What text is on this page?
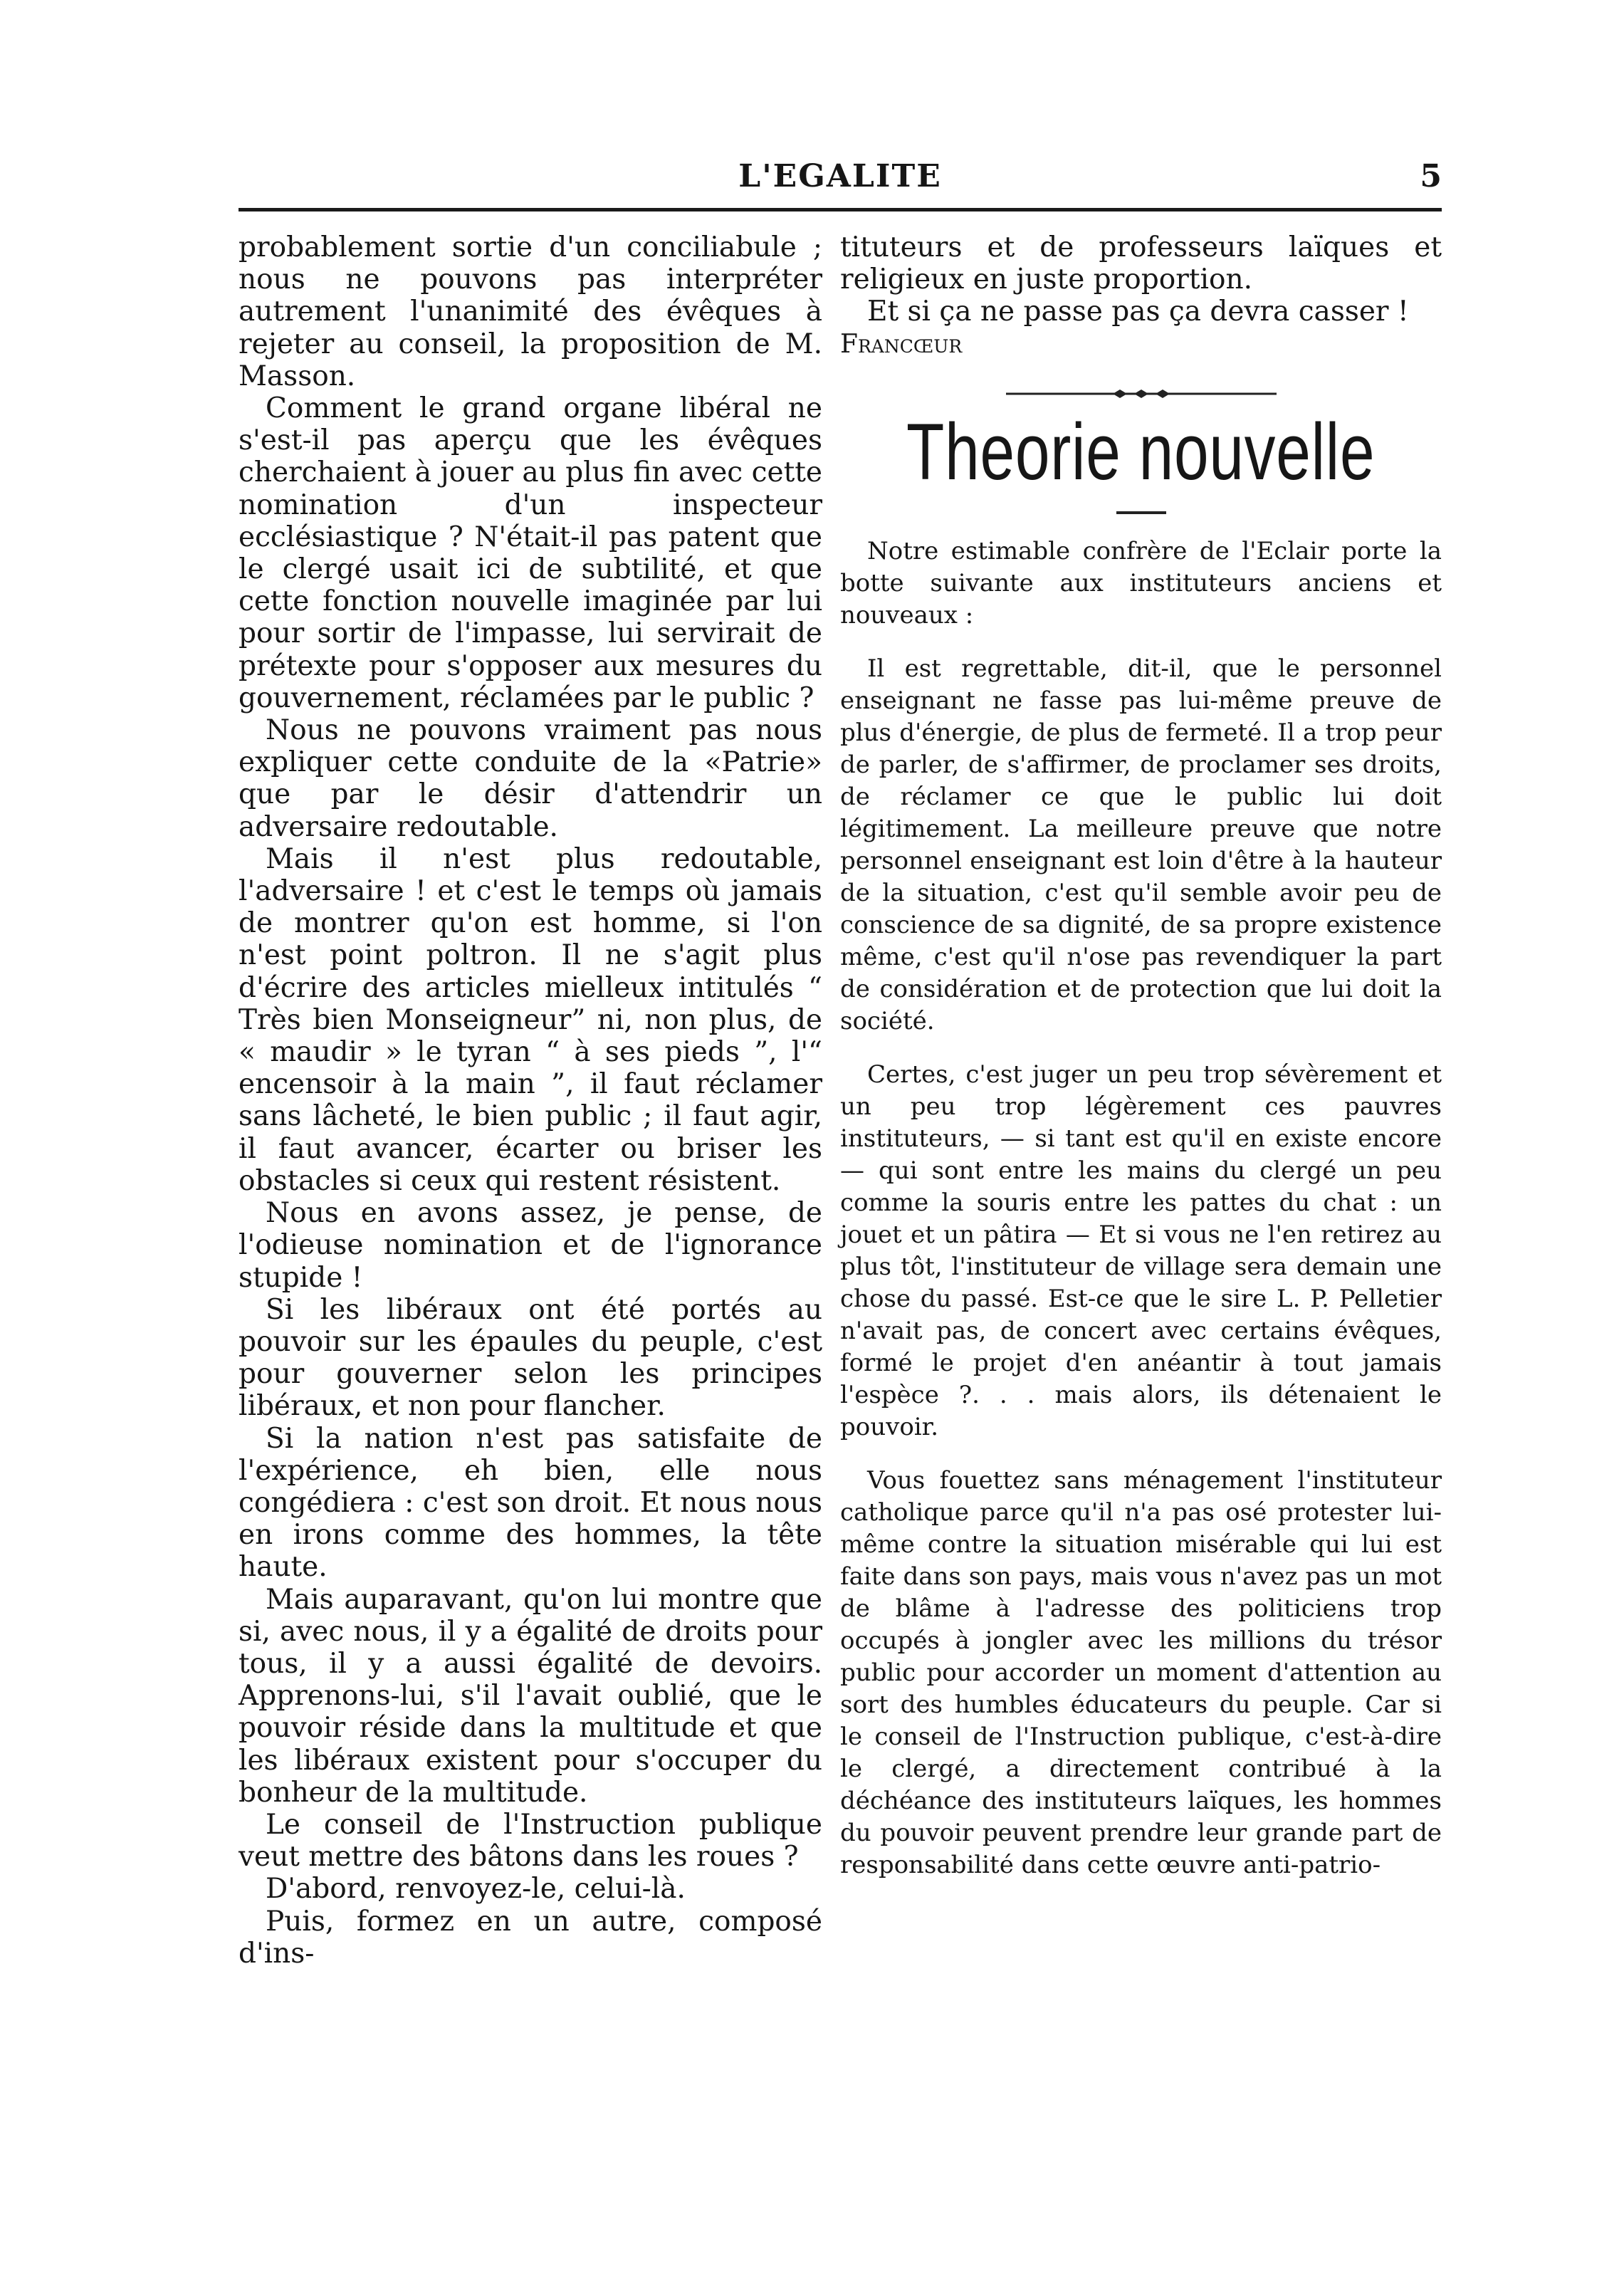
L'EGALITE	5

probablement sortie d'un conciliabule ; nous ne pouvons pas interpréter autrement l'unanimité des évêques à rejeter au conseil, la proposition de M. Masson.

Comment le grand organe libéral ne s'est-il pas aperçu que les évêques cherchaient à jouer au plus fin avec cette nomination d'un inspecteur ecclésiastique ? N'était-il pas patent que le clergé usait ici de subtilité, et que cette fonction nouvelle imaginée par lui pour sortir de l'impasse, lui servirait de prétexte pour s'opposer aux mesures du gouvernement, réclamées par le public ?

Nous ne pouvons vraiment pas nous expliquer cette conduite de la «Patrie» que par le désir d'attendrir un adversaire redoutable.

Mais il n'est plus redoutable, l'adversaire ! et c'est le temps où jamais de montrer qu'on est homme, si l'on n'est point poltron. Il ne s'agit plus d'écrire des articles mielleux intitulés “ Très bien Monseigneur” ni, non plus, de « maudir » le tyran “ à ses pieds ”, l'“ encensoir à la main ”, il faut réclamer sans lâcheté, le bien public ; il faut agir, il faut avancer, écarter ou briser les obstacles si ceux qui restent résistent.

Nous en avons assez, je pense, de l'odieuse nomination et de l'ignorance stupide !

Si les libéraux ont été portés au pouvoir sur les épaules du peuple, c'est pour gouverner selon les principes libéraux, et non pour flancher.

Si la nation n'est pas satisfaite de l'expérience, eh bien, elle nous congédiera : c'est son droit. Et nous nous en irons comme des hommes, la tête haute.

Mais auparavant, qu'on lui montre que si, avec nous, il y a égalité de droits pour tous, il y a aussi égalité de devoirs. Apprenons-lui, s'il l'avait oublié, que le pouvoir réside dans la multitude et que les libéraux existent pour s'occuper du bonheur de la multitude.

Le conseil de l'Instruction publique veut mettre des bâtons dans les roues ?

D'abord, renvoyez-le, celui-là.

Puis, formez en un autre, composé d'ins-

tituteurs et de professeurs laïques et religieux en juste proportion.

Et si ça ne passe pas ça devra casser !

Francœur

Theorie nouvelle

Notre estimable confrère de l'Eclair porte la botte suivante aux instituteurs anciens et nouveaux :

Il est regrettable, dit-il, que le personnel enseignant ne fasse pas lui-même preuve de plus d'énergie, de plus de fermeté. Il a trop peur de parler, de s'affirmer, de proclamer ses droits, de réclamer ce que le public lui doit légitimement. La meilleure preuve que notre personnel enseignant est loin d'être à la hauteur de la situation, c'est qu'il semble avoir peu de conscience de sa dignité, de sa propre existence même, c'est qu'il n'ose pas revendiquer la part de considération et de protection que lui doit la société.

Certes, c'est juger un peu trop sévèrement et un peu trop légèrement ces pauvres instituteurs, — si tant est qu'il en existe encore — qui sont entre les mains du clergé un peu comme la souris entre les pattes du chat : un jouet et un pâtira — Et si vous ne l'en retirez au plus tôt, l'instituteur de village sera demain une chose du passé. Est-ce que le sire L. P. Pelletier n'avait pas, de concert avec certains évêques, formé le projet d'en anéantir à tout jamais l'espèce ?. . . mais alors, ils détenaient le pouvoir.

Vous fouettez sans ménagement l'instituteur catholique parce qu'il n'a pas osé protester lui-même contre la situation misérable qui lui est faite dans son pays, mais vous n'avez pas un mot de blâme à l'adresse des politiciens trop occupés à jongler avec les millions du trésor public pour accorder un moment d'attention au sort des humbles éducateurs du peuple. Car si le conseil de l'Instruction publique, c'est-à-dire le clergé, a directement contribué à la déchéance des instituteurs laïques, les hommes du pouvoir peuvent prendre leur grande part de responsabilité dans cette œuvre anti-patrio-
